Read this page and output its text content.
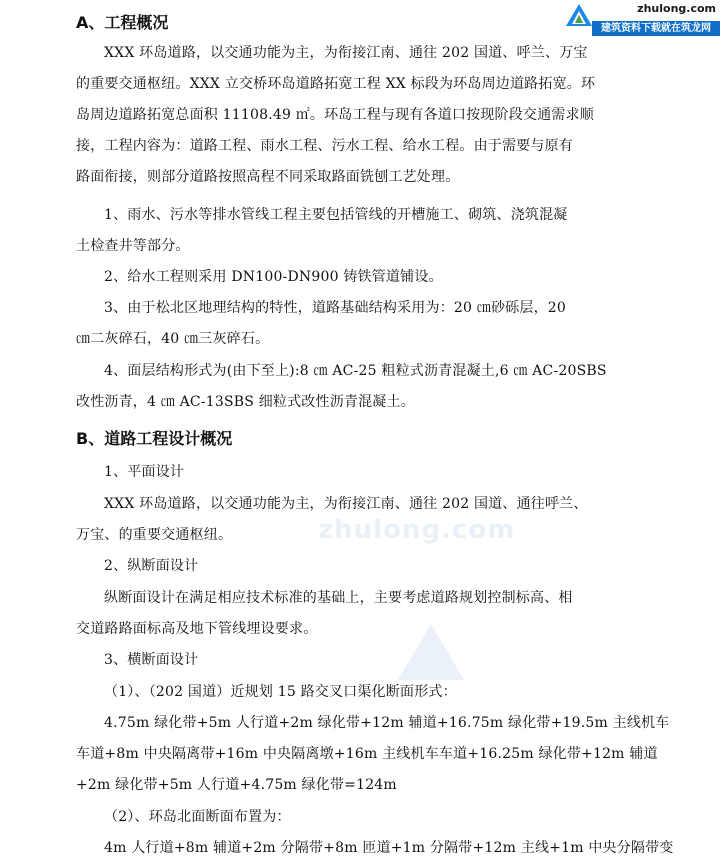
zhulong.com
建筑资料下载就在筑龙网
zhulong.com
A、工程概况
XXX 环岛道路，以交通功能为主，为衔接江南、通往 202 国道、呼兰、万宝
的重要交通枢纽。XXX 立交桥环岛道路拓宽工程 XX 标段为环岛周边道路拓宽。环
岛周边道路拓宽总面积 11108.49 ㎡。环岛工程与现有各道口按现阶段交通需求顺
接，工程内容为：道路工程、雨水工程、污水工程、给水工程。由于需要与原有
路面衔接，则部分道路按照高程不同采取路面铣刨工艺处理。
1、雨水、污水等排水管线工程主要包括管线的开槽施工、砌筑、浇筑混凝
土检查井等部分。
2、给水工程则采用 DN100-DN900 铸铁管道铺设。
3、由于松北区地理结构的特性，道路基础结构采用为：20 ㎝砂砾层，20
㎝二灰碎石，40 ㎝三灰碎石。
4、面层结构形式为(由下至上):8 ㎝ AC-25 粗粒式沥青混凝土,6 ㎝ AC-20SBS
改性沥青，4 ㎝ AC-13SBS 细粒式改性沥青混凝土。
B、道路工程设计概况
1、平面设计
XXX 环岛道路，以交通功能为主，为衔接江南、通往 202 国道、通往呼兰、
万宝、的重要交通枢纽。
2、纵断面设计
纵断面设计在满足相应技术标准的基础上，主要考虑道路规划控制标高、相
交道路路面标高及地下管线埋设要求。
3、横断面设计
（1）、（202 国道）近规划 15 路交叉口渠化断面形式：
4.75m 绿化带+5m 人行道+2m 绿化带+12m 辅道+16.75m 绿化带+19.5m 主线机车
车道+8m 中央隔离带+16m 中央隔离墩+16m 主线机车车道+16.25m 绿化带+12m 辅道
+2m 绿化带+5m 人行道+4.75m 绿化带=124m
（2）、环岛北面断面布置为：
4m 人行道+8m 辅道+2m 分隔带+8m 匝道+1m 分隔带+12m 主线+1m 中央分隔带变
